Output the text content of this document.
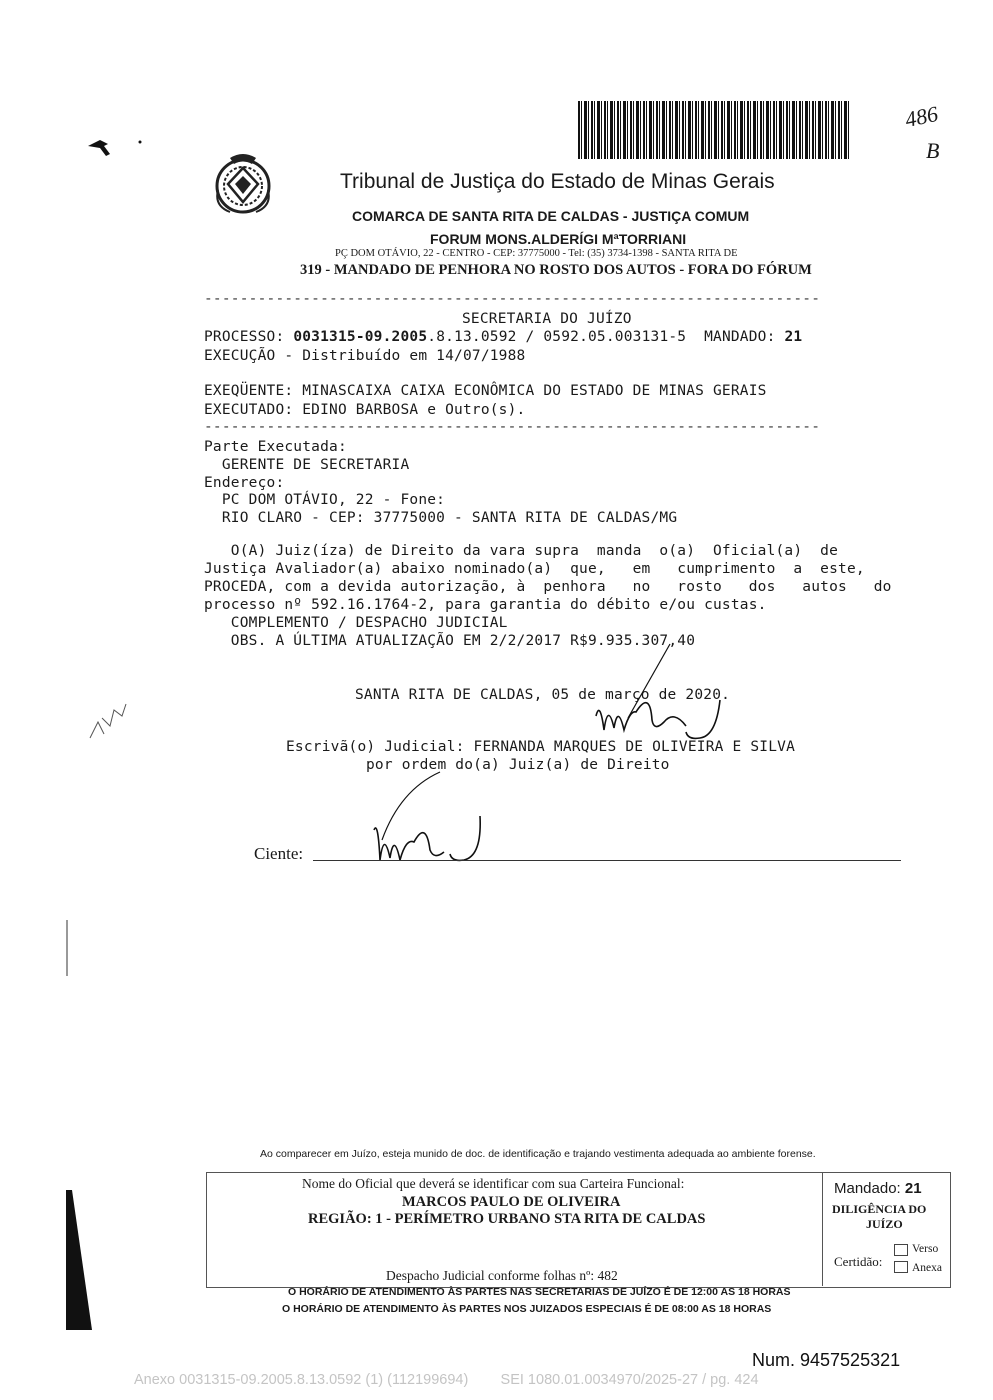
486
B
Tribunal de Justiça do Estado de Minas Gerais
COMARCA DE SANTA RITA DE CALDAS - JUSTIÇA COMUM
FORUM MONS.ALDERÍGI MªTORRIANI
PÇ DOM OTÁVIO, 22 - CENTRO - CEP: 37775000 - Tel: (35) 3734-1398 - SANTA RITA DE
319 - MANDADO DE PENHORA NO ROSTO DOS AUTOS - FORA DO FÓRUM
---------------------------------------------------------------------
SECRETARIA DO JUÍZO
PROCESSO: 0031315-09.2005.8.13.0592 / 0592.05.003131-5  MANDADO: 21
EXECUÇÃO - Distribuído em 14/07/1988
EXEQÜENTE: MINASCAIXA CAIXA ECONÔMICA DO ESTADO DE MINAS GERAIS
EXECUTADO: EDINO BARBOSA e Outro(s).
---------------------------------------------------------------------
Parte Executada:
GERENTE DE SECRETARIA
Endereço:
PC DOM OTÁVIO, 22 - Fone:
RIO CLARO - CEP: 37775000 - SANTA RITA DE CALDAS/MG
O(A) Juiz(íza) de Direito da vara supra  manda  o(a)  Oficial(a)  de
Justiça Avaliador(a) abaixo nominado(a)  que,   em   cumprimento  a  este,
PROCEDA, com a devida autorização, à  penhora   no   rosto   dos   autos   do
processo nº 592.16.1764-2, para garantia do débito e/ou custas.
COMPLEMENTO / DESPACHO JUDICIAL
OBS. A ÚLTIMA ATUALIZAÇÃO EM 2/2/2017 R$9.935.307,40
SANTA RITA DE CALDAS, 05 de março de 2020.
Escrivã(o) Judicial: FERNANDA MARQUES DE OLIVEIRA E SILVA
por ordem do(a) Juiz(a) de Direito
Ciente:
Ao comparecer em Juízo, esteja munido de doc. de identificação e trajando vestimenta adequada ao ambiente forense.
Nome do Oficial que deverá se identificar com sua Carteira Funcional:
MARCOS PAULO DE OLIVEIRA
REGIÃO: 1 - PERÍMETRO URBANO STA RITA DE CALDAS
Despacho Judicial conforme folhas nº: 482
Mandado: 21
DILIGÊNCIA DO
JUÍZO
Certidão:
Verso
Anexa
O HORÁRIO DE ATENDIMENTO ÀS PARTES NAS SECRETARIAS DE JUÍZO É DE 12:00 AS 18 HORAS
O HORÁRIO DE ATENDIMENTO ÀS PARTES NOS JUIZADOS ESPECIAIS É DE 08:00 AS 18 HORAS
Num. 9457525321
Anexo 0031315-09.2005.8.13.0592 (1) (112199694)        SEI 1080.01.0034970/2025-27 / pg. 424
